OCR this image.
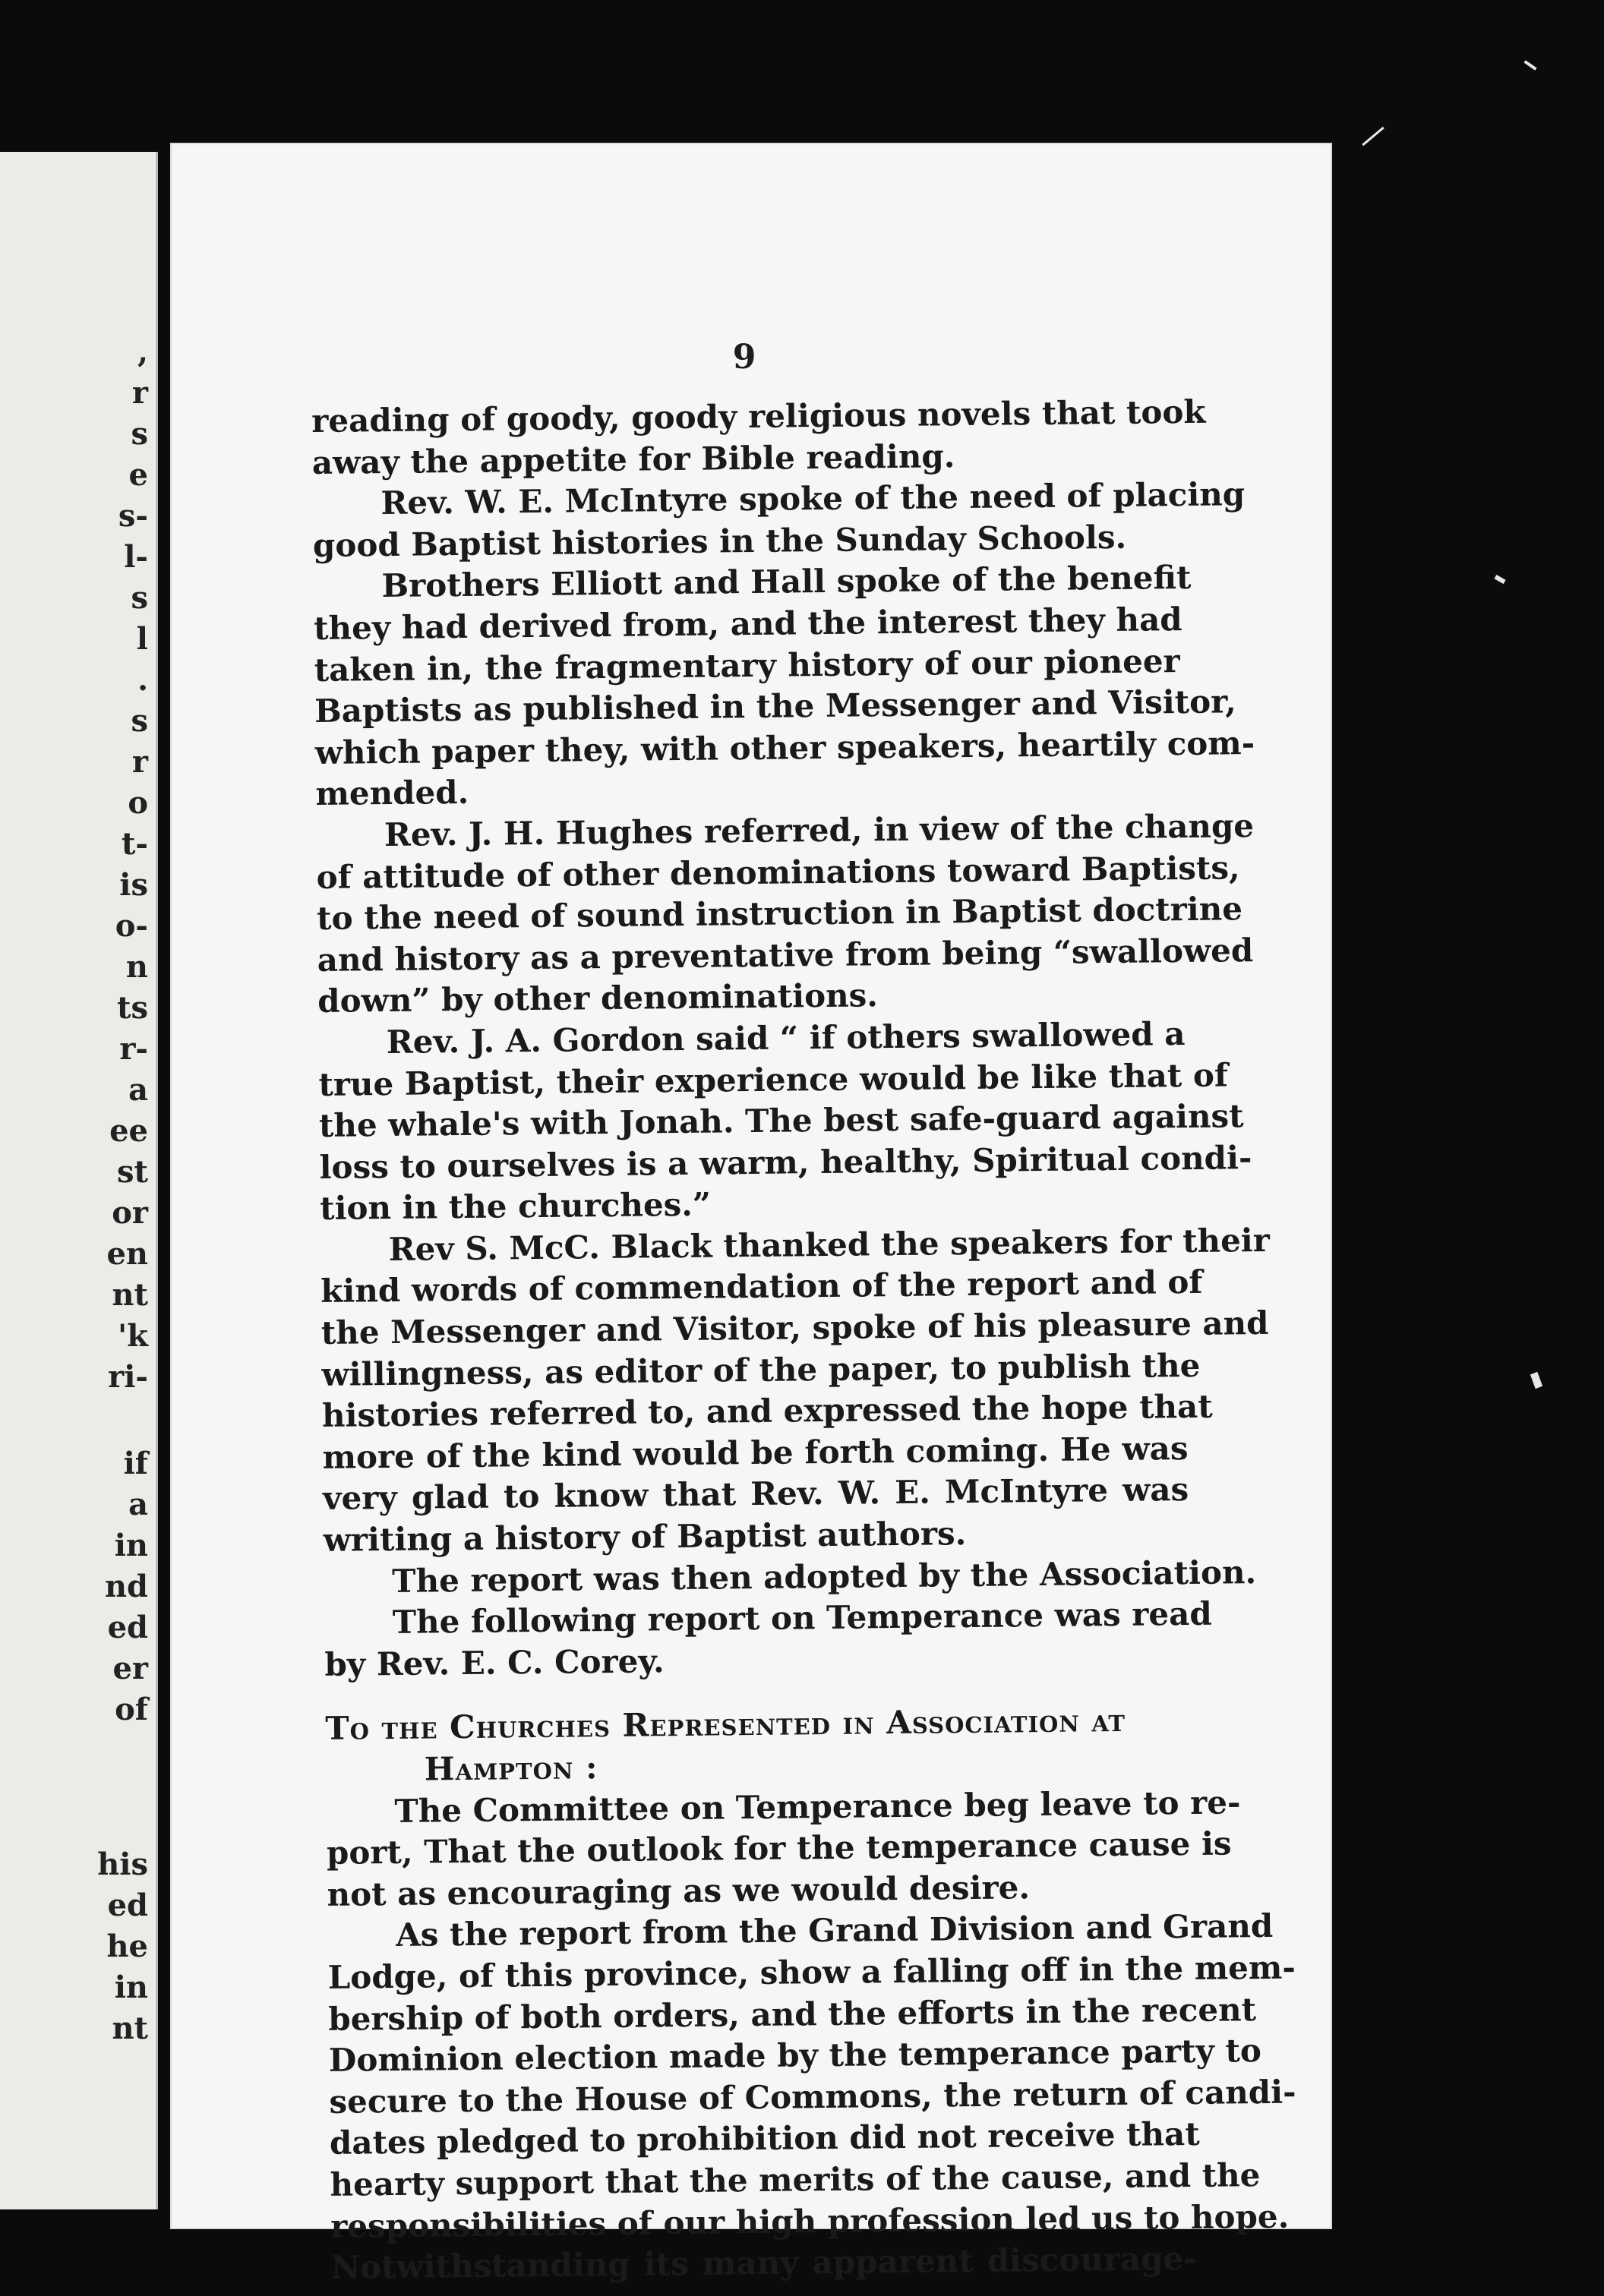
,
r
s
e
s-
l-
s
l
.
s
r
o
t-
is
o-
n
ts
r-
a
ee
st
or
en
nt
'k
ri-
if
a
in
nd
ed
er
of
his
ed
he
in
nt
9
reading of goody, goody religious novels that took
away the appetite for Bible reading.
Rev. W. E. McIntyre spoke of the need of placing
good Baptist histories in the Sunday Schools.
Brothers Elliott and Hall spoke of the benefit
they had derived from, and the interest they had
taken in, the fragmentary history of our pioneer
Baptists as published in the Messenger and Visitor,
which paper they, with other speakers, heartily com-
mended.
Rev. J. H. Hughes referred, in view of the change
of attitude of other denominations toward Baptists,
to the need of sound instruction in Baptist doctrine
and history as a preventative from being “swallowed
down” by other denominations.
Rev. J. A. Gordon said “ if others swallowed a
true Baptist, their experience would be like that of
the whale's with Jonah. The best safe-guard against
loss to ourselves is a warm, healthy, Spiritual condi-
tion in the churches.”
Rev S. McC. Black thanked the speakers for their
kind words of commendation of the report and of
the Messenger and Visitor, spoke of his pleasure and
willingness, as editor of the paper, to publish the
histories referred to, and expressed the hope that
more of the kind would be forth coming. He was
very glad to know that Rev. W. E. McIntyre was
writing a history of Baptist authors.
The report was then adopted by the Association.
The following report on Temperance was read
by Rev. E. C. Corey.
To the Churches Represented in Association at
Hampton :
The Committee on Temperance beg leave to re-
port, That the outlook for the temperance cause is
not as encouraging as we would desire.
As the report from the Grand Division and Grand
Lodge, of this province, show a falling off in the mem-
bership of both orders, and the efforts in the recent
Dominion election made by the temperance party to
secure to the House of Commons, the return of candi-
dates pledged to prohibition did not receive that
hearty support that the merits of the cause, and the
responsibilities of our high profession led us to hope.
Notwithstanding its many apparent discourage-
